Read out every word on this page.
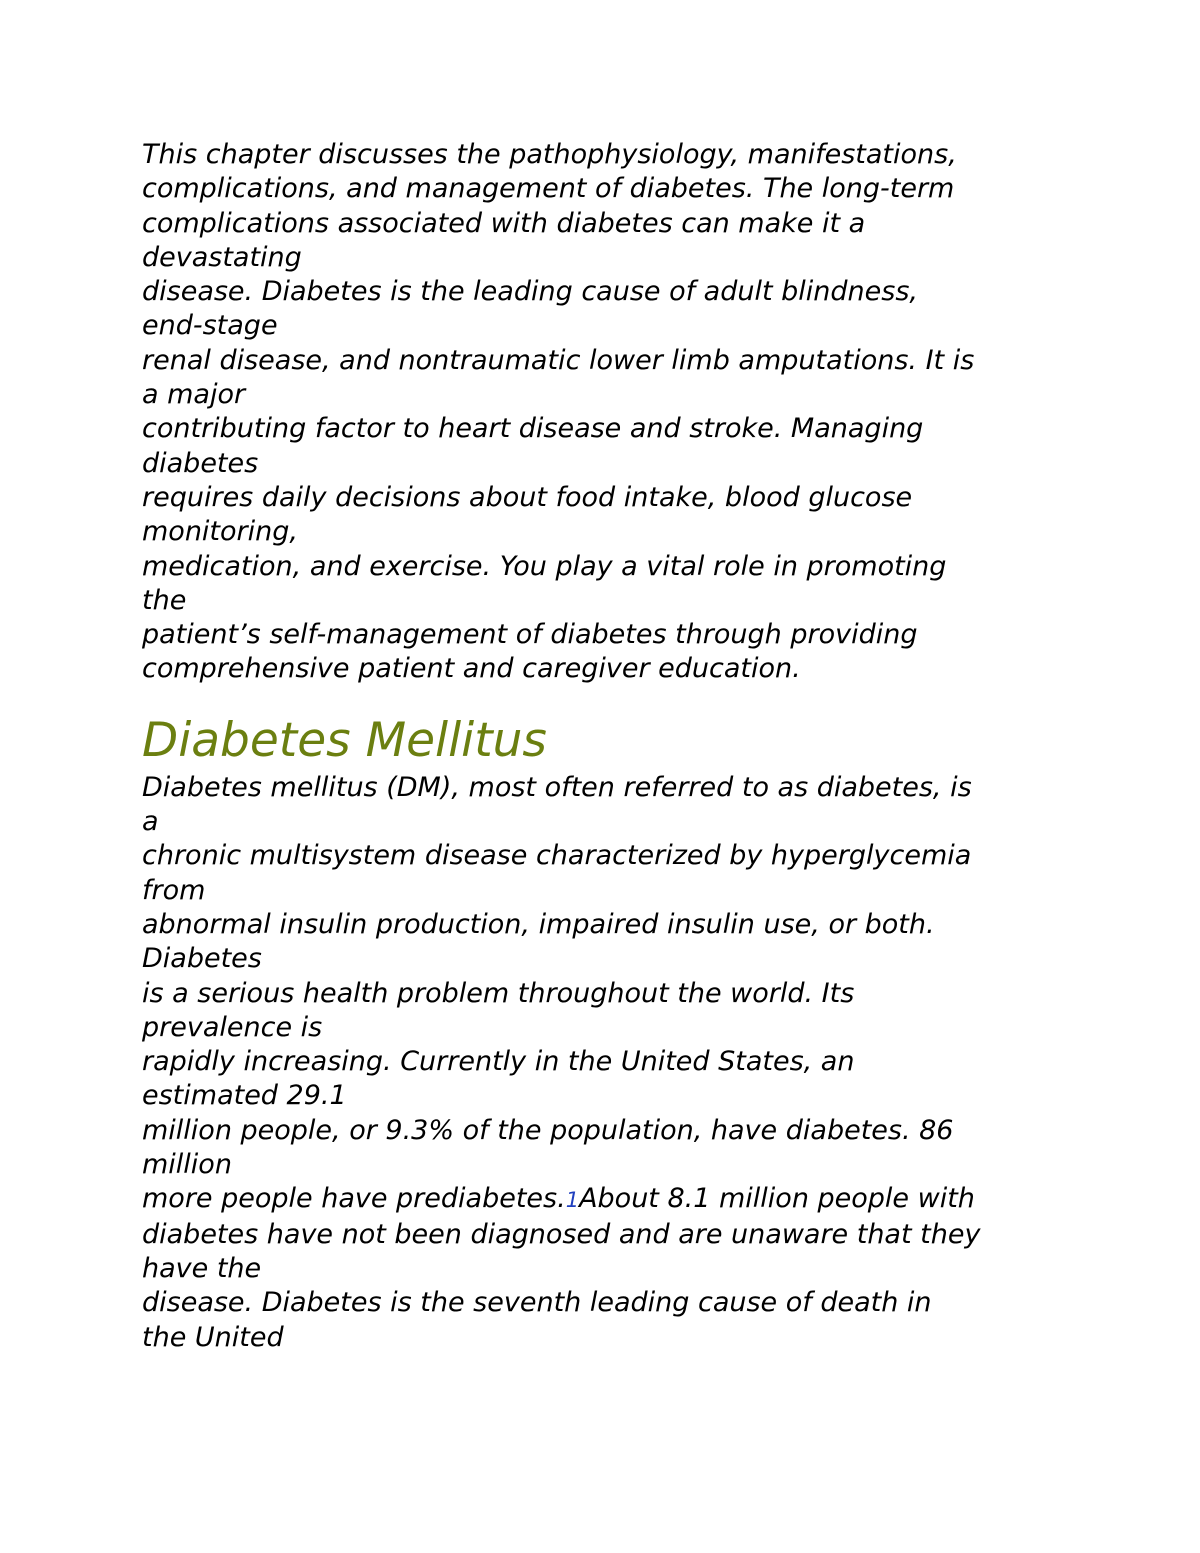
This chapter discusses the pathophysiology, manifestations,
complications, and management of diabetes. The long-term
complications associated with diabetes can make it a
devastating
disease. Diabetes is the leading cause of adult blindness,
end-stage
renal disease, and nontraumatic lower limb amputations. It is
a major
contributing factor to heart disease and stroke. Managing
diabetes
requires daily decisions about food intake, blood glucose
monitoring,
medication, and exercise. You play a vital role in promoting
the
patient’s self-management of diabetes through providing
comprehensive patient and caregiver education.
Diabetes Mellitus
Diabetes mellitus (DM), most often referred to as diabetes, is
a
chronic multisystem disease characterized by hyperglycemia
from
abnormal insulin production, impaired insulin use, or both.
Diabetes
is a serious health problem throughout the world. Its
prevalence is
rapidly increasing. Currently in the United States, an
estimated 29.1
million people, or 9.3% of the population, have diabetes. 86
million
more people have prediabetes.1About 8.1 million people with
diabetes have not been diagnosed and are unaware that they
have the
disease. Diabetes is the seventh leading cause of death in
the United
